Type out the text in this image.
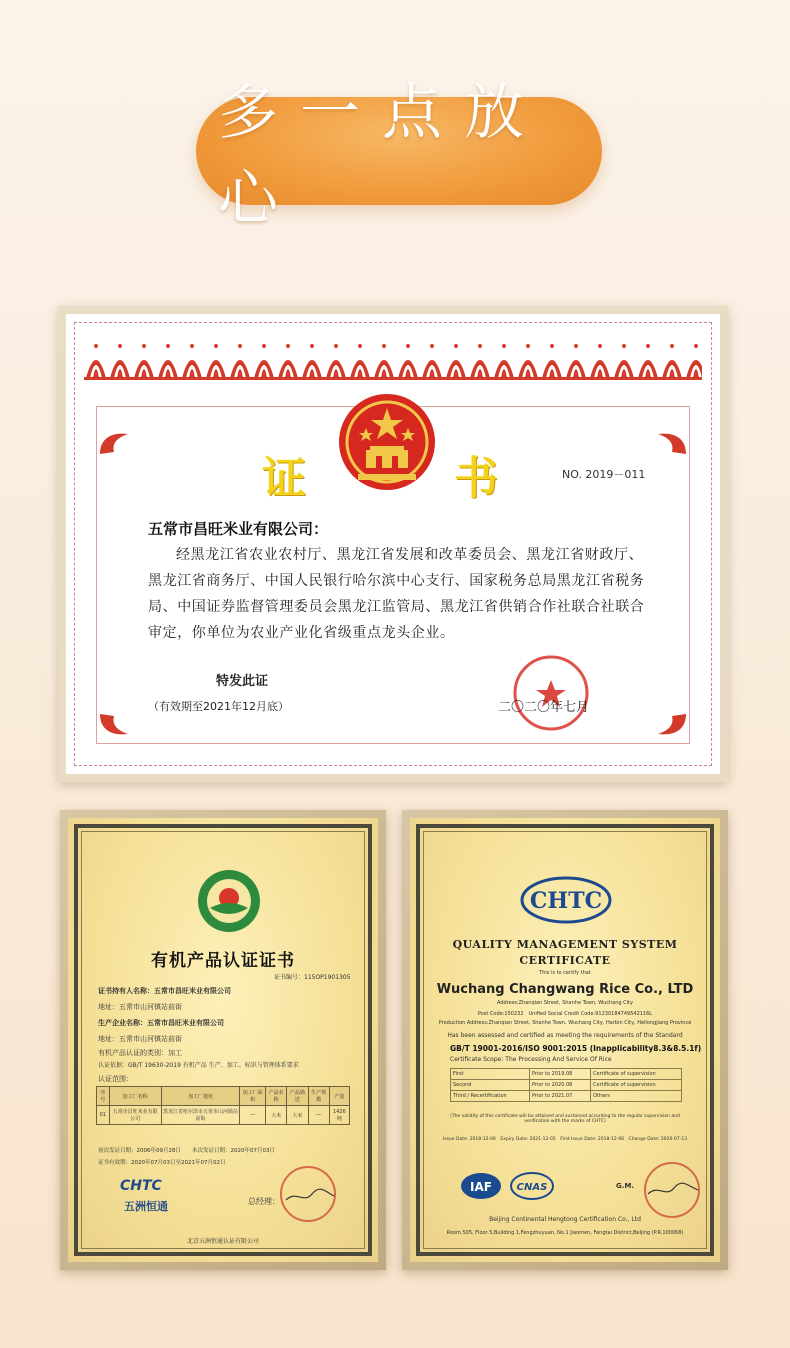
多一点放心
证	书	NO. 2019－011
五常市昌旺米业有限公司：
经黑龙江省农业农村厅、黑龙江省发展和改革委员会、黑龙江省财政厅、黑龙江省商务厅、中国人民银行哈尔滨中心支行、国家税务总局黑龙江省税务局、中国证券监督管理委员会黑龙江监管局、黑龙江省供销合作社联合社联合审定，你单位为农业产业化省级重点龙头企业。
特发此证
（有效期至2021年12月底）	二〇二〇年七月
有机产品认证证书
证书编号：115OP1901305
证书持有人名称：五常市昌旺米业有限公司
地址：五常市山河镇站前街
生产企业名称：五常市昌旺米业有限公司
地址：五常市山河镇站前街
有机产品认证的类别：加工
认证依据：GB/T 19630-2019 有机产品 生产、加工、标识与管理体系要求
认证范围：
序号	加工厂名称	加工厂地址	加工厂面积	产品名称	产品描述	生产规模	产量
01	五常市昌旺米业有限公司	黑龙江省哈尔滨市五常市山河镇站前街	—	大米	大米	—	1426吨
初次发证日期：2006年09月28日　　本次发证日期：2020年07月03日
证书有效期：2020年07月03日至2021年07月02日
CHTC
五洲恒通	总经理：
北京五洲恒通认证有限公司
CHTC
QUALITY MANAGEMENT SYSTEM
CERTIFICATE
This is to certify that
Wuchang Changwang Rice Co., LTD
Address:Zhanqian Street, Shanhe Town, Wuchang City
Post Code:150232　Unified Social Credit Code:91230184749542116L
Production Address:Zhanqian Street, Shanhe Town, Wuchang City, Harbin City, Heilongjiang Province
Has been assessed and certified as meeting the requirements of the Standard
GB/T 19001-2016/ISO 9001:2015 (Inapplicability8.3&8.5.1f)
Certificate Scope: The Processing And Service Of Rice
First	Prior to 2019.08	Certificate of supervision
Second	Prior to 2020.08	Certificate of supervision
Third / Recertification	Prior to 2021.07	Others
(The validity of this certificate will be attained and sustained according to the regular supervision and verification with the marks of CHTC)
Issue Date: 2018-12-06　Expiry Date: 2021-12-05　First Issue Date: 2018-12-06　Change Date: 2020-07-13
IAF CNAS	G.M.
Beijing Continental Hengtong Certification Co., Ltd
Room 505, Floor 5,Building 1,Fengzhuyuan, No.1 Jiaomen, Fengtai District,Beijing (P.R.100068)
